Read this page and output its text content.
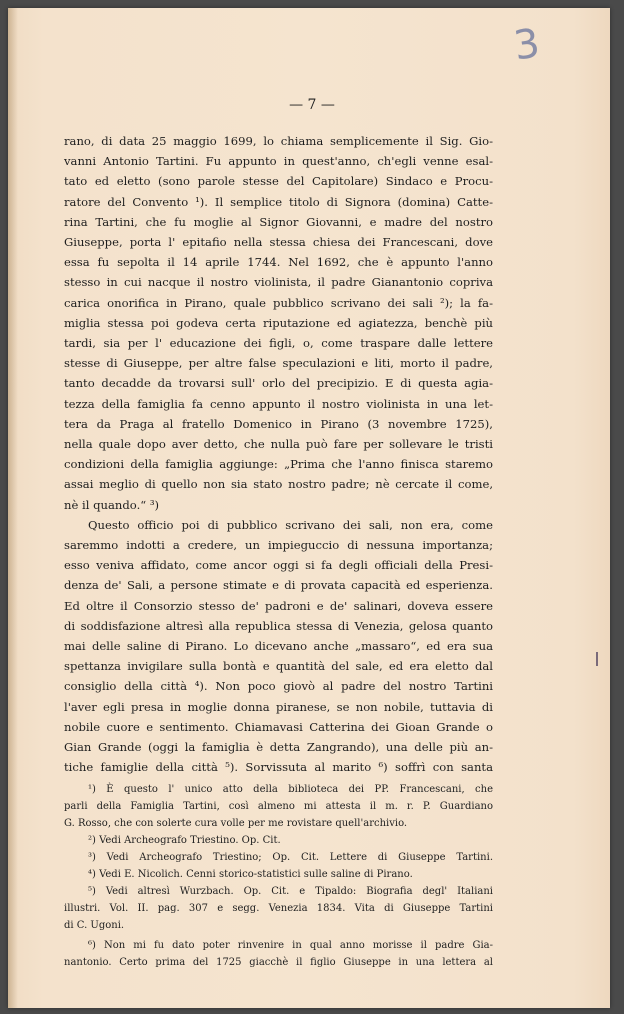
3
— 7 —
rano, di data 25 maggio 1699, lo chiama semplicemente il Sig. Gio-
vanni Antonio Tartini. Fu appunto in quest'anno, ch'egli venne esal-
tato ed eletto (sono parole stesse del Capitolare) Sindaco e Procu-
ratore del Convento ¹). Il semplice titolo di Signora (domina) Catte-
rina Tartini, che fu moglie al Signor Giovanni, e madre del nostro
Giuseppe, porta l' epitafio nella stessa chiesa dei Francescani, dove
essa fu sepolta il 14 aprile 1744. Nel 1692, che è appunto l'anno
stesso in cui nacque il nostro violinista, il padre Gianantonio copriva
carica onorifica in Pirano, quale pubblico scrivano dei sali ²); la fa-
miglia stessa poi godeva certa riputazione ed agiatezza, benchè più
tardi, sia per l' educazione dei figli, o, come traspare dalle lettere
stesse di Giuseppe, per altre false speculazioni e liti, morto il padre,
tanto decadde da trovarsi sull' orlo del precipizio. E di questa agia-
tezza della famiglia fa cenno appunto il nostro violinista in una let-
tera da Praga al fratello Domenico in Pirano (3 novembre 1725),
nella quale dopo aver detto, che nulla può fare per sollevare le tristi
condizioni della famiglia aggiunge: „Prima che l'anno finisca staremo
assai meglio di quello non sia stato nostro padre; nè cercate il come,
nè il quando.“ ³)
Questo officio poi di pubblico scrivano dei sali, non era, come
saremmo indotti a credere, un impieguccio di nessuna importanza;
esso veniva affidato, come ancor oggi si fa degli officiali della Presi-
denza de' Sali, a persone stimate e di provata capacità ed esperienza.
Ed oltre il Consorzio stesso de' padroni e de' salinari, doveva essere
di soddisfazione altresì alla republica stessa di Venezia, gelosa quanto
mai delle saline di Pirano. Lo dicevano anche „massaro“, ed era sua
spettanza invigilare sulla bontà e quantità del sale, ed era eletto dal
consiglio della città ⁴). Non poco giovò al padre del nostro Tartini
l'aver egli presa in moglie donna piranese, se non nobile, tuttavia di
nobile cuore e sentimento. Chiamavasi Catterina dei Gioan Grande o
Gian Grande (oggi la famiglia è detta Zangrando), una delle più an-
tiche famiglie della città ⁵). Sorvissuta al marito ⁶) soffrì con santa
¹) È questo l' unico atto della biblioteca dei PP. Francescani, che
parli della Famiglia Tartini, così almeno mi attesta il m. r. P. Guardiano
G. Rosso, che con solerte cura volle per me rovistare quell'archivio.
²) Vedi Archeografo Triestino. Op. Cit.
³) Vedi Archeografo Triestino; Op. Cit. Lettere di Giuseppe Tartini.
⁴) Vedi E. Nicolich. Cenni storico-statistici sulle saline di Pirano.
⁵) Vedi altresì Wurzbach. Op. Cit. e Tipaldo: Biografia degl' Italiani
illustri. Vol. II. pag. 307 e segg. Venezia 1834. Vita di Giuseppe Tartini
di C. Ugoni.
⁶) Non mi fu dato poter rinvenire in qual anno morisse il padre Gia-
nantonio. Certo prima del 1725 giacchè il figlio Giuseppe in una lettera al
